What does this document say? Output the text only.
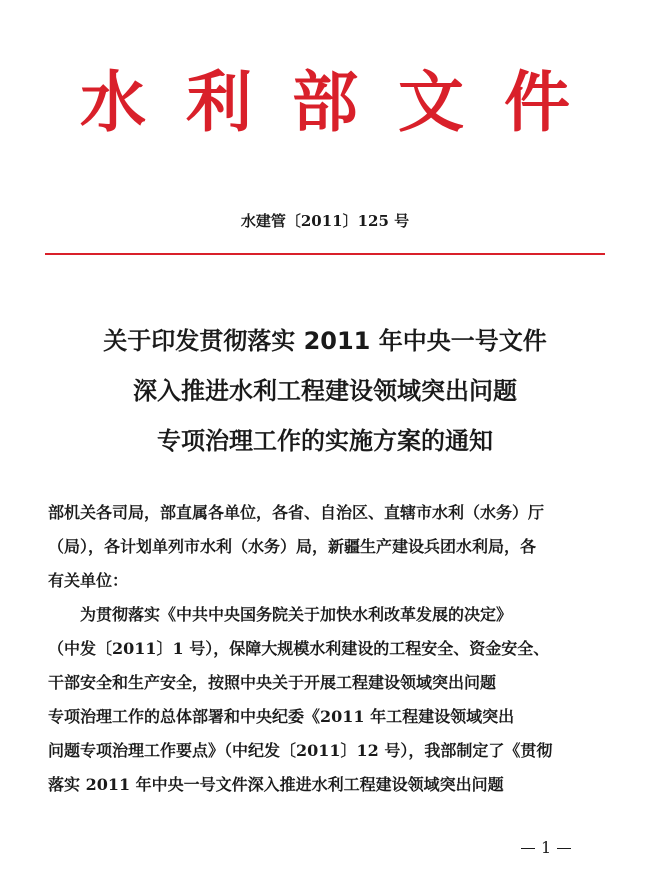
水利部文件
水建管〔2011〕125 号
关于印发贯彻落实 2011 年中央一号文件
深入推进水利工程建设领域突出问题
专项治理工作的实施方案的通知
部机关各司局，部直属各单位，各省、自治区、直辖市水利（水务）厅
（局），各计划单列市水利（水务）局，新疆生产建设兵团水利局，各
有关单位：
　　为贯彻落实《中共中央国务院关于加快水利改革发展的决定》
（中发〔2011〕1 号），保障大规模水利建设的工程安全、资金安全、
干部安全和生产安全，按照中央关于开展工程建设领域突出问题
专项治理工作的总体部署和中央纪委《2011 年工程建设领域突出
问题专项治理工作要点》（中纪发〔2011〕12 号），我部制定了《贯彻
落实 2011 年中央一号文件深入推进水利工程建设领域突出问题
1
